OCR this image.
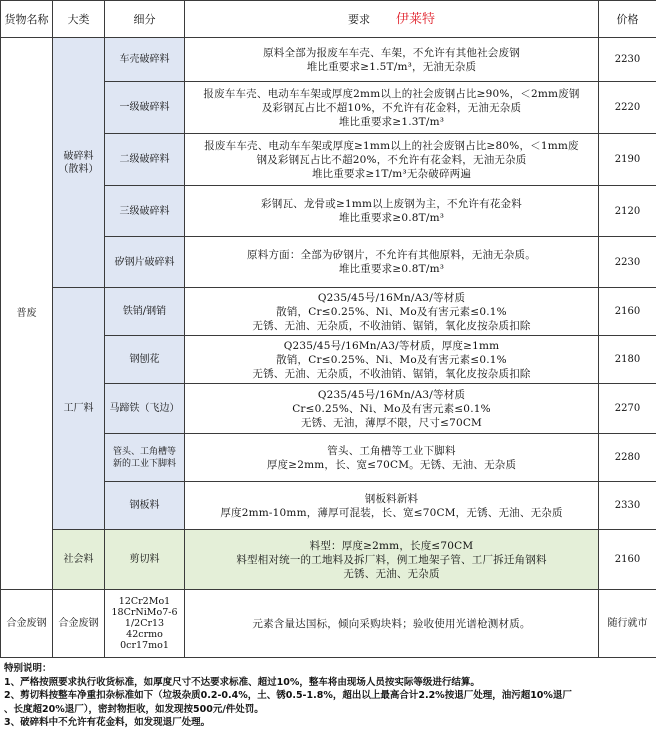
货物名称	大类	细分	要求 伊莱特	价格
普废	破碎料
（散料）	车壳破碎料	原料全部为报废车车壳、车架，不允许有其他社会废钢
堆比重要求≥1.5T/m³，无油无杂质	2230
		一级破碎料	报废车车壳、电动车车架或厚度2mm以上的社会废钢占比≥90%，＜2mm废钢
及彩钢瓦占比不超10%，不允许有花金料，无油无杂质
堆比重要求≥1.3T/m³	2220
		二级破碎料	报废车车壳、电动车车架或厚度≥1mm以上的社会废钢占比≥80%，＜1mm废
钢及彩钢瓦占比不超20%，不允许有花金料，无油无杂质
堆比重要求≥1T/m³无杂破碎两遍	2190
		三级破碎料	彩钢瓦、龙骨或≥1mm以上废钢为主，不允许有花金料
堆比重要求≥0.8T/m³	2120
		矽钢片破碎料	原料方面：全部为矽钢片，不允许有其他原料，无油无杂质。
堆比重要求≥0.8T/m³	2230
	工厂料	铁销/钢销	Q235/45号/16Mn/A3/等材质
散销，Cr≤0.25%、Ni、Mo及有害元素≤0.1%
无锈、无油、无杂质，不收油销、锯销，氧化皮按杂质扣除	2160
		钢刨花	Q235/45号/16Mn/A3/等材质，厚度≥1mm
散销，Cr≤0.25%、Ni、Mo及有害元素≤0.1%
无锈、无油、无杂质，不收油销、锯销，氧化皮按杂质扣除	2180
		马蹄铁（飞边）	Q235/45号/16Mn/A3/等材质
Cr≤0.25%、Ni、Mo及有害元素≤0.1%
无锈、无油，薄厚不限，尺寸≤70CM	2270
		管头、工角槽等
新的工业下脚料	管头、工角槽等工业下脚料
厚度≥2mm，长、宽≤70CM。无锈、无油、无杂质	2280
		钢板料	钢板料新料
厚度2mm-10mm，薄厚可混装，长、宽≤70CM，无锈、无油、无杂质	2330
	社会料	剪切料	料型：厚度≥2mm，长度≤70CM
料型相对统一的工地料及拆厂料，例工地架子管、工厂拆迁角钢料
无锈、无油、无杂质	2160
合金废钢	合金废钢	12Cr2Mo1
18CrNiMo7-6
1/2Cr13
42crmo
0cr17mo1	元素含量达国标，倾向采购块料；验收使用光谱枪测材质。	随行就市
特别说明：
1、严格按照要求执行收货标准，如厚度尺寸不达要求标准、超过10%，整车将由现场人员按实际等级进行结算。
2、剪切料按整车净重扣杂标准如下（垃圾杂质0.2-0.4%，土、锈0.5-1.8%，超出以上最高合计2.2%按退厂处理，油污超10%退厂
、长度超20%退厂），密封物拒收，如发现按500元/件处罚。
3、破碎料中不允许有花金料，如发现退厂处理。
